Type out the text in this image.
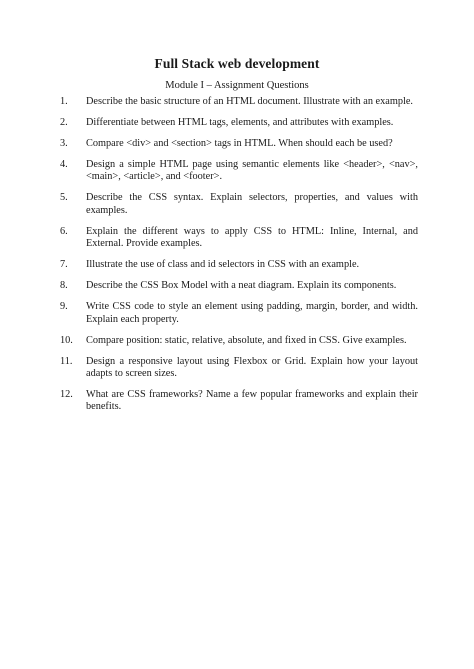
Full Stack web development
Module I – Assignment Questions
1.	Describe the basic structure of an HTML document. Illustrate with an example.
2.	Differentiate between HTML tags, elements, and attributes with examples.
3.	Compare <div> and <section> tags in HTML. When should each be used?
4.	Design a simple HTML page using semantic elements like <header>, <nav>, <main>, <article>, and <footer>.
5.	Describe the CSS syntax. Explain selectors, properties, and values with examples.
6.	Explain the different ways to apply CSS to HTML: Inline, Internal, and External. Provide examples.
7.	Illustrate the use of class and id selectors in CSS with an example.
8.	Describe the CSS Box Model with a neat diagram. Explain its components.
9.	Write CSS code to style an element using padding, margin, border, and width. Explain each property.
10.	Compare position: static, relative, absolute, and fixed in CSS. Give examples.
11.	Design a responsive layout using Flexbox or Grid. Explain how your layout adapts to screen sizes.
12.	What are CSS frameworks? Name a few popular frameworks and explain their benefits.
